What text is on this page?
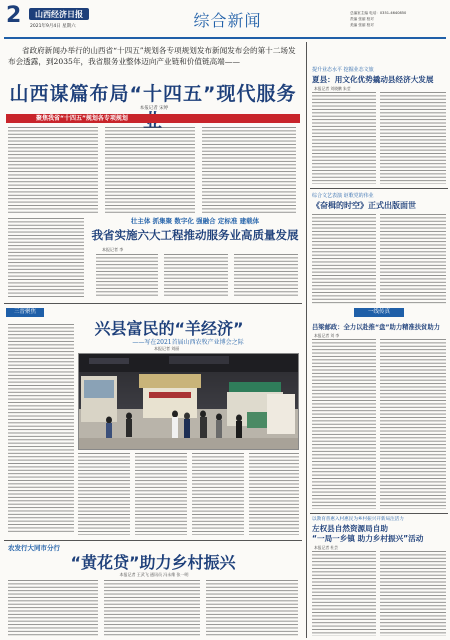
2	山西经济日报
2021年9月4日 星期六	综合新闻	总编室主编 电话：0351-4640850
责编 张丽 校对
美编 张丽 校对
省政府新闻办举行的山西省“十四五”规划各专项规划发布新闻发布会的第十二场发布会透露，到2035年，我省服务业整体迈向产业链和价值链高端——
山西谋篇布局“十四五”现代服务
本报记者 宋婷
聚焦我省“十四五”规划各专项规划
壮主体 抓集聚 数字化 强融合 定标准 建载体
我省实施六大工程推动服务业高质量发展
本报记者 李
三晋聚焦
兴县富民的“羊经济”
——写在2021首届山西农牧产业博会之际
本报记者 刘丽
农发行大同市分行
“黄花贷”助力乡村振兴
本报记者 王武飞 通讯员 冯永维 张一明
提升业态水平 挖掘业态文旅
夏县：用文化优势撬动县经济大发展
本报记者 刘晓鹏 朱莹
综合文艺表演 讴歌党的伟业
《奋楫的时空》正式出版面世
一线传真
吕梁邮政：全力以赴推“盘”助力精准扶贫助力
本报记者 刘 李
以教育普惠入村惠民为乡村振兴开新局注活力
左权县自然资源局自助
“一局一乡镇 助力乡村振兴”活动
本报记者 杜芸
